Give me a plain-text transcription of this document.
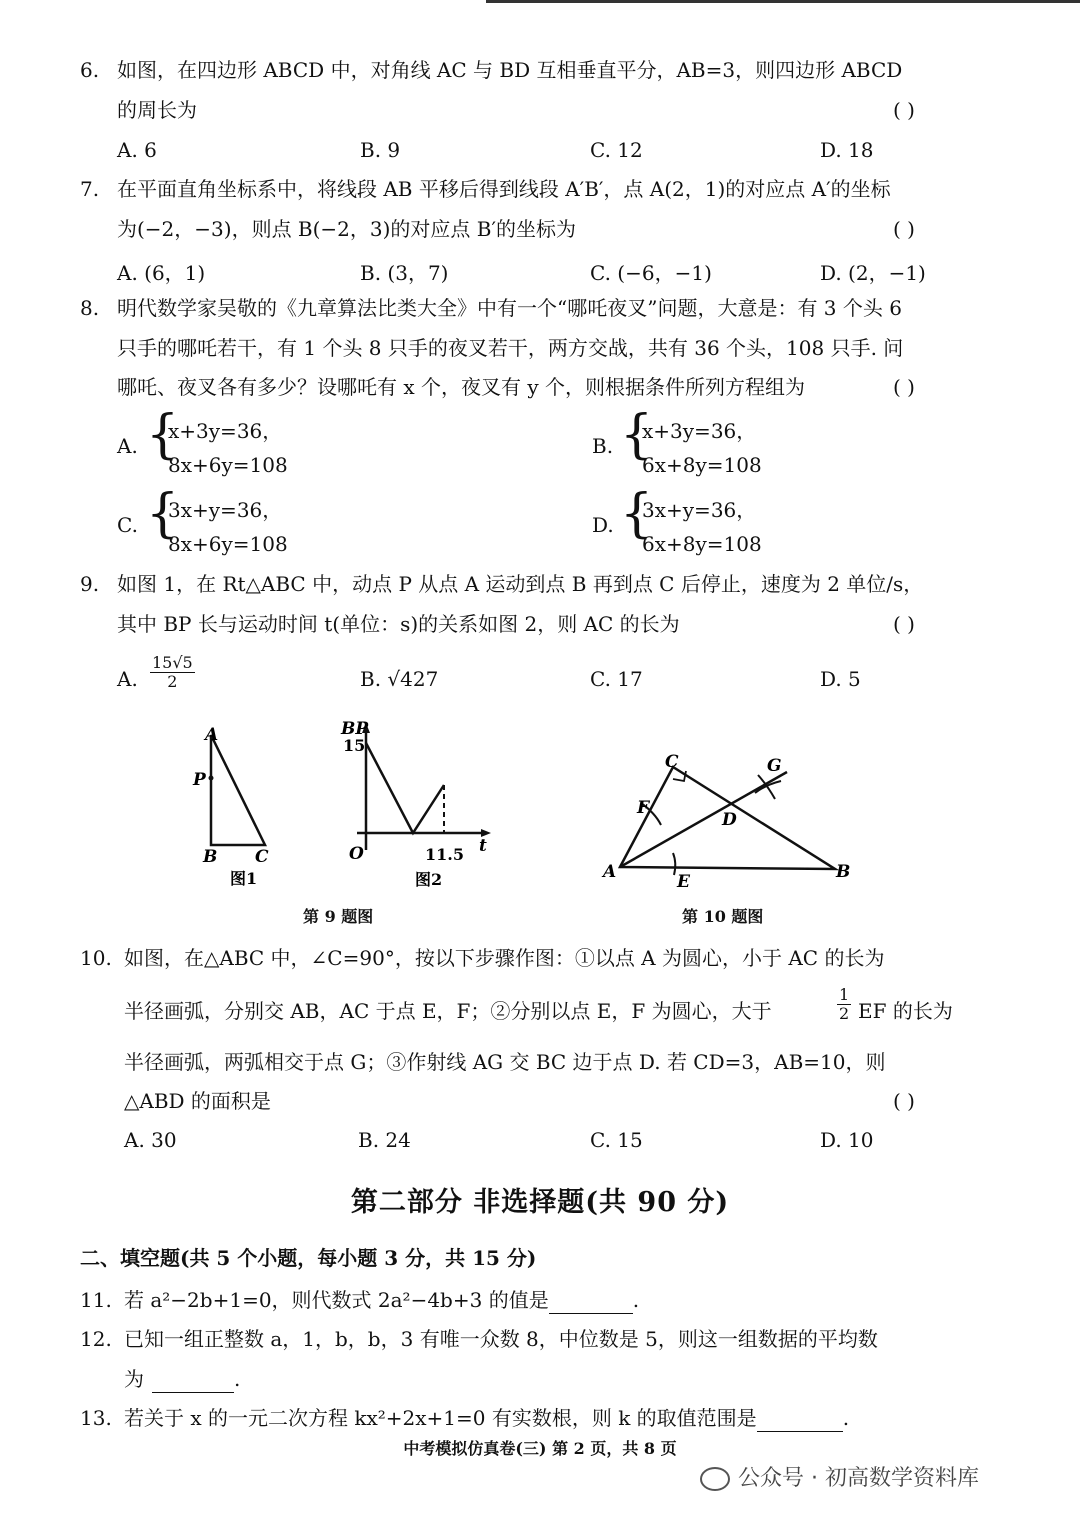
6. 如图，在四边形 ABCD 中，对角线 AC 与 BD 互相垂直平分，AB=3，则四边形 ABCD
的周长为	( )
A. 6	B. 9	C. 12	D. 18
7. 在平面直角坐标系中，将线段 AB 平移后得到线段 A′B′，点 A(2，1)的对应点 A′的坐标
为(−2，−3)，则点 B(−2，3)的对应点 B′的坐标为	( )
A. (6，1)	B. (3，7)	C. (−6，−1)	D. (2，−1)
8. 明代数学家吴敬的《九章算法比类大全》中有一个“哪吒夜叉”问题，大意是：有 3 个头 6
只手的哪吒若干，有 1 个头 8 只手的夜叉若干，两方交战，共有 36 个头，108 只手. 问
哪吒、夜叉各有多少？设哪吒有 x 个，夜叉有 y 个，则根据条件所列方程组为	( )
A. {
x+3y=36，
8x+6y=108
B. {
x+3y=36，
6x+8y=108
C. {
3x+y=36，
8x+6y=108
D. {
3x+y=36，
6x+8y=108
9. 如图 1，在 Rt△ABC 中，动点 P 从点 A 运动到点 B 再到点 C 后停止，速度为 2 单位/s，
其中 BP 长与运动时间 t(单位：s)的关系如图 2，则 AC 的长为	( )
A. $\frac{15√5}{2}$	B. √427	C. 17	D. 5
A
P
B C
图1
BP
15
O	11.5 t
图2
第 9 题图
C	G
F
D
A	E	B
第 10 题图
10. 如图，在△ABC 中，∠C=90°，按以下步骤作图：①以点 A 为圆心，小于 AC 的长为
半径画弧，分别交 AB，AC 于点 E，F；②分别以点 E，F 为圆心，大于	$\frac{1}{2}$ EF 的长为
半径画弧，两弧相交于点 G；③作射线 AG 交 BC 边于点 D. 若 CD=3，AB=10，则
△ABD 的面积是	( )
A. 30	B. 24	C. 15	D. 10
第二部分 非选择题(共 90 分)
二、填空题(共 5 个小题，每小题 3 分，共 15 分)
11. 若 a²−2b+1=0，则代数式 2a²−4b+3 的值是	.
12. 已知一组正整数 a，1，b，b，3 有唯一众数 8，中位数是 5，则这一组数据的平均数
为	.
13. 若关于 x 的一元二次方程 kx²+2x+1=0 有实数根，则 k 的取值范围是	.
中考模拟仿真卷(三) 第 2 页，共 8 页
公众号 · 初高数学资料库
